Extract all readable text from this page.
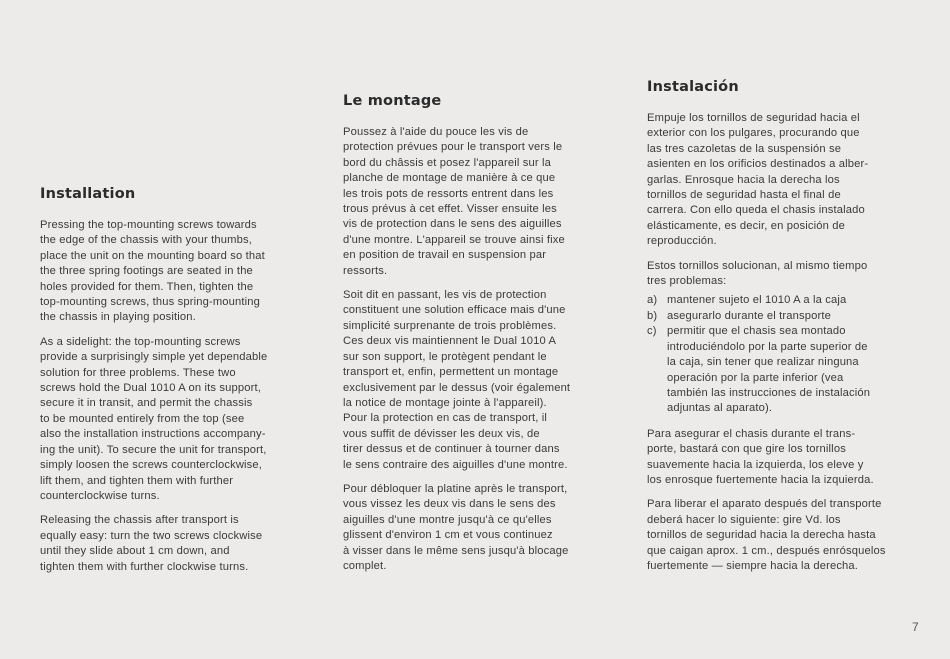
Installation

Pressing the top-mounting screws towards
the edge of the chassis with your thumbs,
place the unit on the mounting board so that
the three spring footings are seated in the
holes provided for them. Then, tighten the
top-mounting screws, thus spring-mounting
the chassis in playing position.

As a sidelight: the top-mounting screws
provide a surprisingly simple yet dependable
solution for three problems. These two
screws hold the Dual 1010 A on its support,
secure it in transit, and permit the chassis
to be mounted entirely from the top (see
also the installation instructions accompany-
ing the unit). To secure the unit for transport,
simply loosen the screws counterclockwise,
lift them, and tighten them with further
counterclockwise turns.

Releasing the chassis after transport is
equally easy: turn the two screws clockwise
until they slide about 1 cm down, and
tighten them with further clockwise turns.

Le montage

Poussez à l'aide du pouce les vis de
protection prévues pour le transport vers le
bord du châssis et posez l'appareil sur la
planche de montage de manière à ce que
les trois pots de ressorts entrent dans les
trous prévus à cet effet. Visser ensuite les
vis de protection dans le sens des aiguilles
d'une montre. L'appareil se trouve ainsi fixe
en position de travail en suspension par
ressorts.

Soit dit en passant, les vis de protection
constituent une solution efficace mais d'une
simplicité surprenante de trois problèmes.
Ces deux vis maintiennent le Dual 1010 A
sur son support, le protègent pendant le
transport et, enfin, permettent un montage
exclusivement par le dessus (voir également
la notice de montage jointe à l'appareil).
Pour la protection en cas de transport, il
vous suffit de dévisser les deux vis, de
tirer dessus et de continuer à tourner dans
le sens contraire des aiguilles d'une montre.

Pour débloquer la platine après le transport,
vous vissez les deux vis dans le sens des
aiguilles d'une montre jusqu'à ce qu'elles
glissent d'environ 1 cm et vous continuez
à visser dans le même sens jusqu'à blocage
complet.

Instalación

Empuje los tornillos de seguridad hacia el
exterior con los pulgares, procurando que
las tres cazoletas de la suspensión se
asienten en los orificios destinados a alber-
garlas. Enrosque hacia la derecha los
tornillos de seguridad hasta el final de
carrera. Con ello queda el chasis instalado
elásticamente, es decir, en posición de
reproducción.

Estos tornillos solucionan, al mismo tiempo
tres problemas:

a) mantener sujeto el 1010 A a la caja
b) asegurarlo durante el transporte
c) permitir que el chasis sea montado
introduciéndolo por la parte superior de
la caja, sin tener que realizar ninguna
operación por la parte inferior (vea
también las instrucciones de instalación
adjuntas al aparato).

Para asegurar el chasis durante el trans-
porte, bastará con que gire los tornillos
suavemente hacia la izquierda, los eleve y
los enrosque fuertemente hacia la izquierda.

Para liberar el aparato después del transporte
deberá hacer lo siguiente: gire Vd. los
tornillos de seguridad hacia la derecha hasta
que caigan aprox. 1 cm., después enrósquelos
fuertemente — siempre hacia la derecha.

7
